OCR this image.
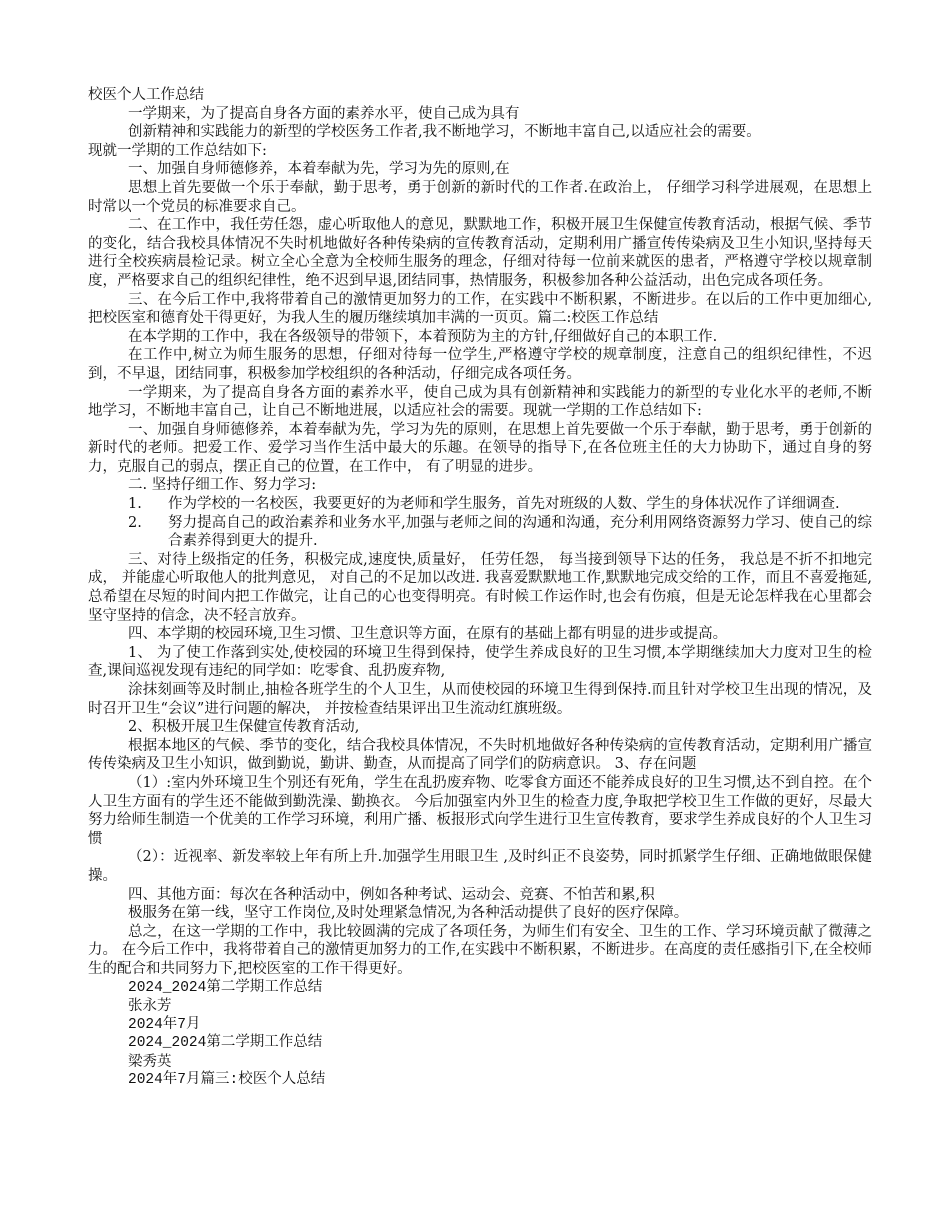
校医个人工作总结
一学期来，为了提高自身各方面的素养水平，使自己成为具有
创新精神和实践能力的新型的学校医务工作者,我不断地学习，不断地丰富自己,以适应社会的需要。
现就一学期的工作总结如下:
一、加强自身师德修养，本着奉献为先，学习为先的原则,在
思想上首先要做一个乐于奉献，勤于思考，勇于创新的新时代的工作者.在政治上， 仔细学习科学进展观，在思想上时常以一个党员的标准要求自己。
二、在工作中，我任劳任怨，虚心听取他人的意见，默默地工作，积极开展卫生保健宣传教育活动，根据气候、季节的变化，结合我校具体情况不失时机地做好各种传染病的宣传教育活动，定期利用广播宣传传染病及卫生小知识,坚持每天进行全校疾病晨检记录。树立全心全意为全校师生服务的理念，仔细对待每一位前来就医的患者，严格遵守学校以规章制度，严格要求自己的组织纪律性，绝不迟到早退,团结同事，热情服务，积极参加各种公益活动，出色完成各项任务。
三、在今后工作中,我将带着自己的激情更加努力的工作，在实践中不断积累，不断进步。在以后的工作中更加细心,把校医室和德育处干得更好，为我人生的履历继续填加丰满的一页页。篇二:校医工作总结
在本学期的工作中，我在各级领导的带领下，本着预防为主的方针,仔细做好自己的本职工作.
在工作中,树立为师生服务的思想，仔细对待每一位学生,严格遵守学校的规章制度，注意自己的组织纪律性，不迟到，不早退，团结同事，积极参加学校组织的各种活动，仔细完成各项任务。
一学期来，为了提高自身各方面的素养水平，使自己成为具有创新精神和实践能力的新型的专业化水平的老师,不断地学习，不断地丰富自己，让自己不断地进展，以适应社会的需要。现就一学期的工作总结如下:
一、加强自身师德修养，本着奉献为先，学习为先的原则，在思想上首先要做一个乐于奉献，勤于思考，勇于创新的新时代的老师。把爱工作、爱学习当作生活中最大的乐趣。在领导的指导下,在各位班主任的大力协助下，通过自身的努力，克服自己的弱点，摆正自己的位置，在工作中， 有了明显的进步。
二. 坚持仔细工作、努力学习:
1. 作为学校的一名校医，我要更好的为老师和学生服务，首先对班级的人数、学生的身体状况作了详细调查.
2. 努力提高自己的政治素养和业务水平,加强与老师之间的沟通和沟通，充分利用网络资源努力学习、使自己的综合素养得到更大的提升.
三、对待上级指定的任务，积极完成,速度快,质量好， 任劳任怨， 每当接到领导下达的任务， 我总是不折不扣地完成， 并能虚心听取他人的批判意见， 对自己的不足加以改进. 我喜爱默默地工作,默默地完成交给的工作，而且不喜爱拖延,总希望在尽短的时间内把工作做完，让自己的心也变得明亮。有时候工作运作时,也会有伤痕，但是无论怎样我在心里都会坚守坚持的信念，决不轻言放弃。
四、本学期的校园环境,卫生习惯、卫生意识等方面，在原有的基础上都有明显的进步或提高。
1、 为了使工作落到实处,使校园的环境卫生得到保持，使学生养成良好的卫生习惯,本学期继续加大力度对卫生的检查,课间巡视发现有违纪的同学如：吃零食、乱扔废弃物,
涂抹刻画等及时制止,抽检各班学生的个人卫生，从而使校园的环境卫生得到保持.而且针对学校卫生出现的情况，及时召开卫生“会议”进行问题的解决， 并按检查结果评出卫生流动红旗班级。
2、积极开展卫生保健宣传教育活动,
根据本地区的气候、季节的变化，结合我校具体情况，不失时机地做好各种传染病的宣传教育活动，定期利用广播宣传传染病及卫生小知识，做到勤说，勤讲、勤查，从而提高了同学们的防病意识。 3、存在问题
（1）:室内外环境卫生个别还有死角，学生在乱扔废弃物、吃零食方面还不能养成良好的卫生习惯,达不到自控。在个人卫生方面有的学生还不能做到勤洗澡、勤换衣。 今后加强室内外卫生的检查力度,争取把学校卫生工作做的更好，尽最大努力给师生制造一个优美的工作学习环境，利用广播、板报形式向学生进行卫生宣传教育，要求学生养成良好的个人卫生习惯
（2）：近视率、新发率较上年有所上升.加强学生用眼卫生 ,及时纠正不良姿势，同时抓紧学生仔细、正确地做眼保健操。
四、其他方面：每次在各种活动中，例如各种考试、运动会、竞赛、不怕苦和累,积
极服务在第一线，坚守工作岗位,及时处理紧急情况,为各种活动提供了良好的医疗保障。
总之，在这一学期的工作中，我比较圆满的完成了各项任务，为师生们有安全、卫生的工作、学习环境贡献了微薄之力。 在今后工作中，我将带着自己的激情更加努力的工作,在实践中不断积累，不断进步。在高度的责任感指引下,在全校师生的配合和共同努力下,把校医室的工作干得更好。
2024_2024第二学期工作总结
张永芳
2024年7月
2024_2024第二学期工作总结
梁秀英
2024年7月篇三:校医个人总结
